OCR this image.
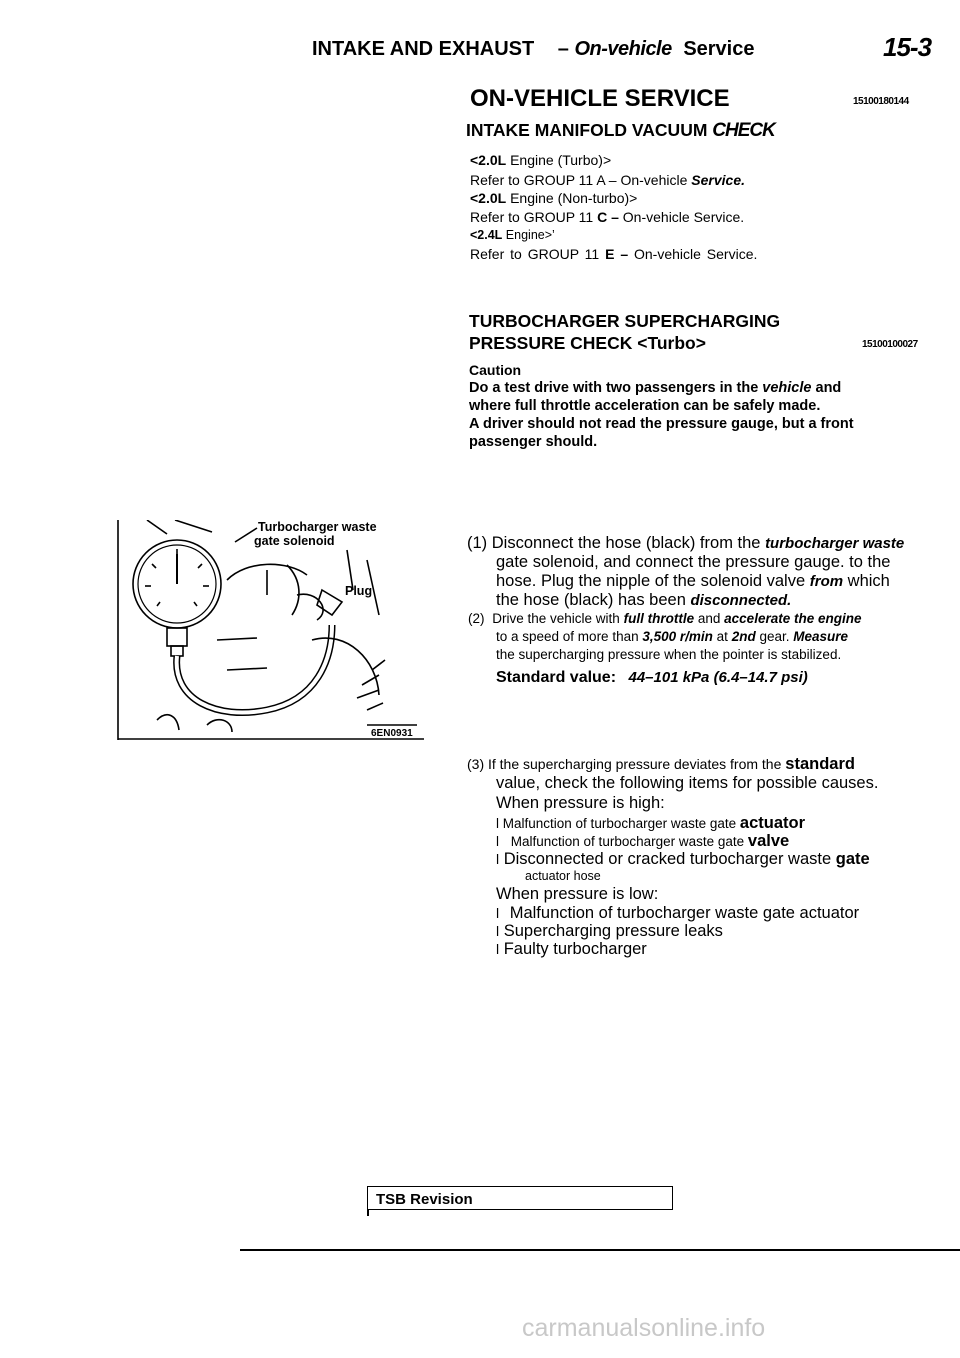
INTAKE AND EXHAUST – On-vehicle Service	15-3
ON-VEHICLE SERVICE	15100180144
INTAKE MANIFOLD VACUUM CHECK
<2.0L Engine (Turbo)>
Refer to GROUP 11 A – On-vehicle Service.
<2.0L Engine (Non-turbo)>
Refer to GROUP 11 C – On-vehicle Service.
<2.4L Engine>’
Refer to GROUP 11 E – On-vehicle Service.
TURBOCHARGER SUPERCHARGING
PRESSURE CHECK <Turbo>	15100100027
Caution
Do a test drive with two passengers in the vehicle and
where full throttle acceleration can be safely made.
A driver should not read the pressure gauge, but a front
passenger should.
Turbocharger waste
gate solenoid
Plug
6EN0931
(1) Disconnect the hose (black) from the turbocharger waste
gate solenoid, and connect the pressure gauge. to the
hose. Plug the nipple of the solenoid valve from which
the hose (black) has been disconnected.
(2) Drive the vehicle with full throttle and accelerate the engine
to a speed of more than 3,500 r/min at 2nd gear. Measure
the supercharging pressure when the pointer is stabilized.
Standard value: 44–101 kPa (6.4–14.7 psi)
(3) If the supercharging pressure deviates from the standard
value, check the following items for possible causes.
When pressure is high:
l Malfunction of turbocharger waste gate actuator
l Malfunction of turbocharger waste gate valve
l Disconnected or cracked turbocharger waste gate
actuator hose
When pressure is low:
l Malfunction of turbocharger waste gate actuator
l Supercharging pressure leaks
l Faulty turbocharger
TSB Revision
carmanualsonline.info
